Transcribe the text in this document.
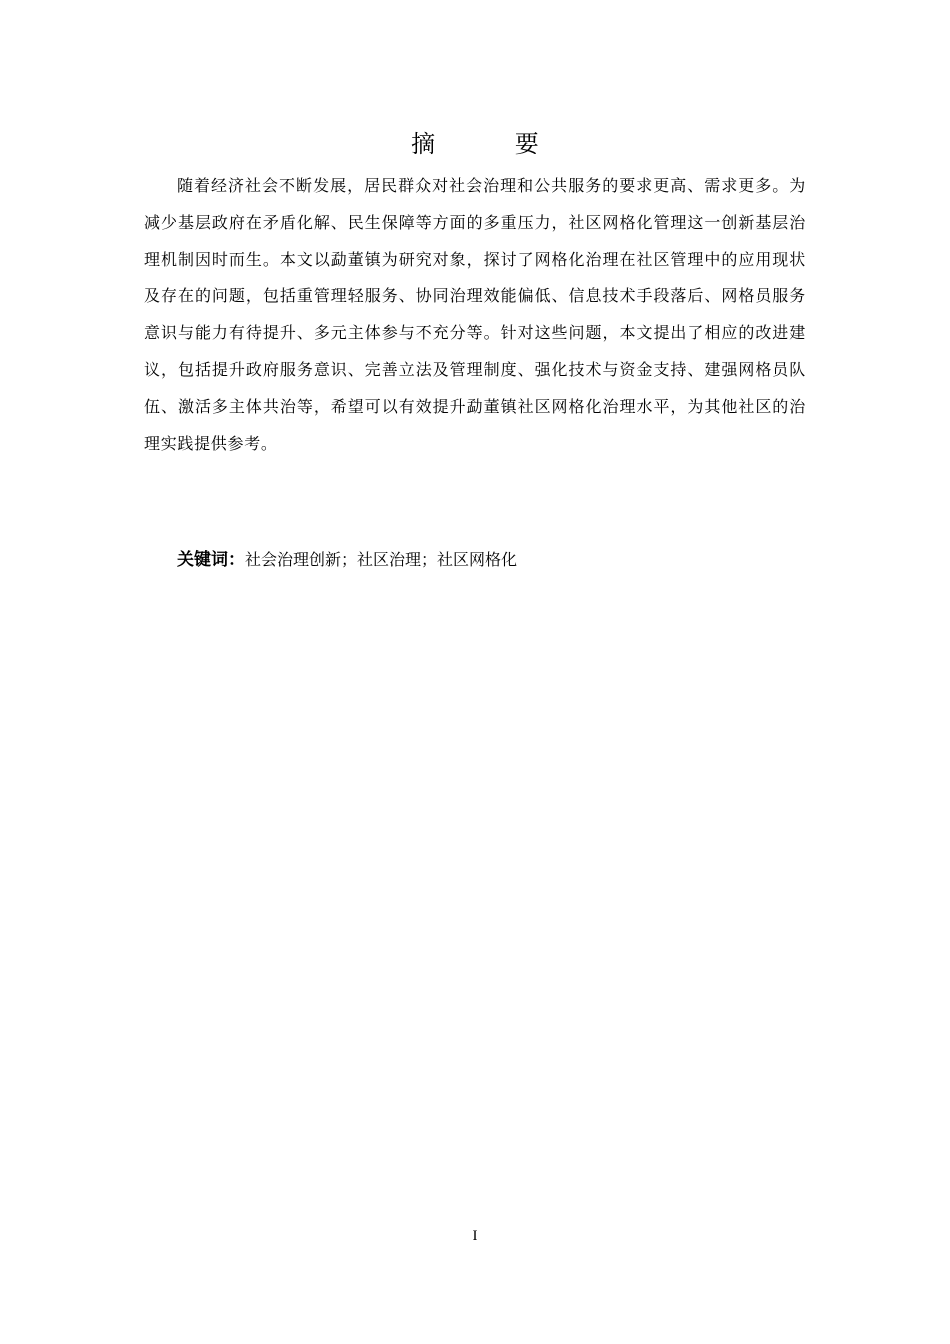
摘 要

随着经济社会不断发展，居民群众对社会治理和公共服务的要求更高、需求更多。为减少基层政府在矛盾化解、民生保障等方面的多重压力，社区网格化管理这一创新基层治理机制因时而生。本文以勐董镇为研究对象，探讨了网格化治理在社区管理中的应用现状及存在的问题，包括重管理轻服务、协同治理效能偏低、信息技术手段落后、网格员服务意识与能力有待提升、多元主体参与不充分等。针对这些问题，本文提出了相应的改进建议，包括提升政府服务意识、完善立法及管理制度、强化技术与资金支持、建强网格员队伍、激活多主体共治等，希望可以有效提升勐董镇社区网格化治理水平，为其他社区的治理实践提供参考。

关键词：社会治理创新；社区治理；社区网格化
I
